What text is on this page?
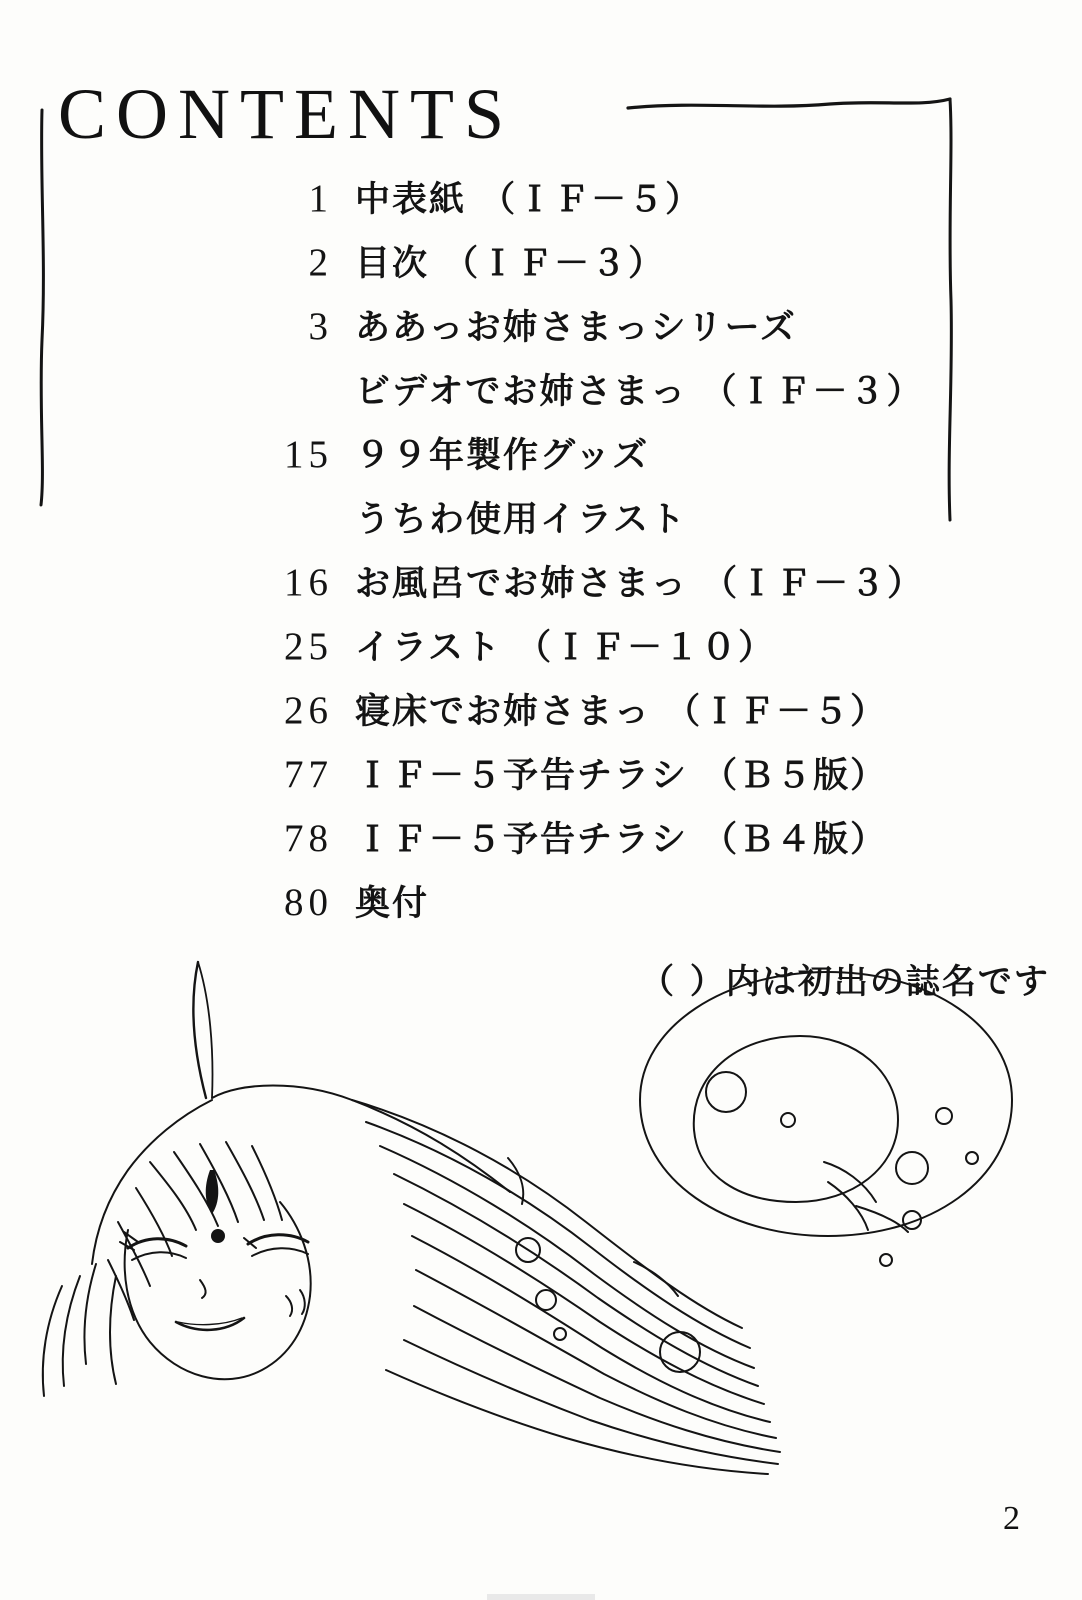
CONTENTS
1 中表紙 （ＩＦ－５）
2 目次 （ＩＦ－３）
3 ああっお姉さまっシリーズ
ビデオでお姉さまっ （ＩＦ－３）
15 ９９年製作グッズ
うちわ使用イラスト
16 お風呂でお姉さまっ （ＩＦ－３）
25 イラスト （ＩＦ－１０）
26 寝床でお姉さまっ （ＩＦ－５）
77 ＩＦ－５予告チラシ （Ｂ５版）
78 ＩＦ－５予告チラシ （Ｂ４版）
80 奥付
（ ）内は初出の誌名です
2
